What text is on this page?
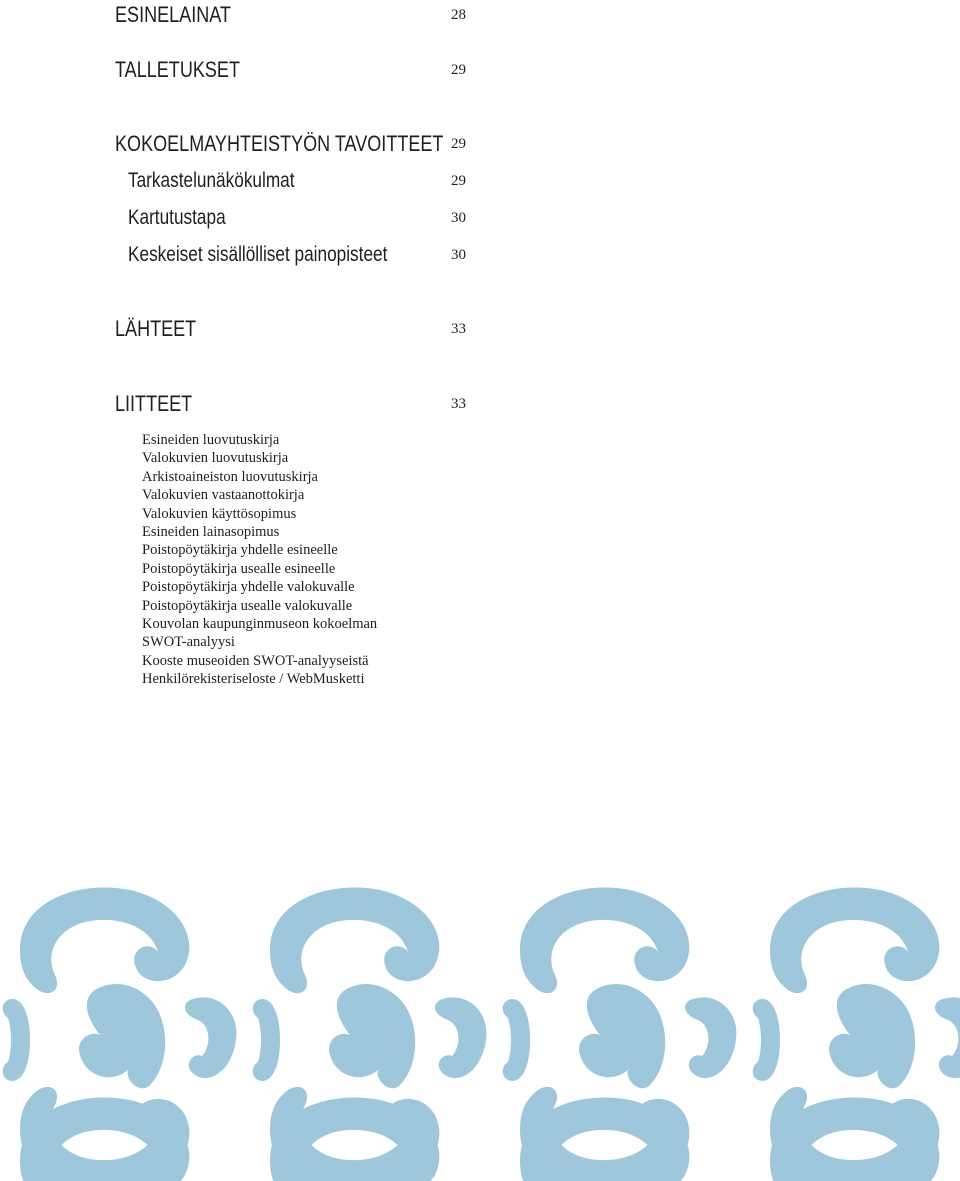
ESINELAINAT	28
TALLETUKSET	29
KOKOELMAYHTEISTYÖN TAVOITTEET 29
Tarkastelunäkökulmat	29
Kartutustapa	30
Keskeiset sisällölliset painopisteet	30
LÄHTEET	33
LIITTEET	33
Esineiden luovutuskirja
Valokuvien luovutuskirja
Arkistoaineiston luovutuskirja
Valokuvien vastaanottokirja
Valokuvien käyttösopimus
Esineiden lainasopimus
Poistopöytäkirja yhdelle esineelle
Poistopöytäkirja usealle esineelle
Poistopöytäkirja yhdelle valokuvalle
Poistopöytäkirja usealle valokuvalle
Kouvolan kaupunginmuseon kokoelman
SWOT-analyysi
Kooste museoiden SWOT-analyyseistä
Henkilörekisteriseloste / WebMusketti
